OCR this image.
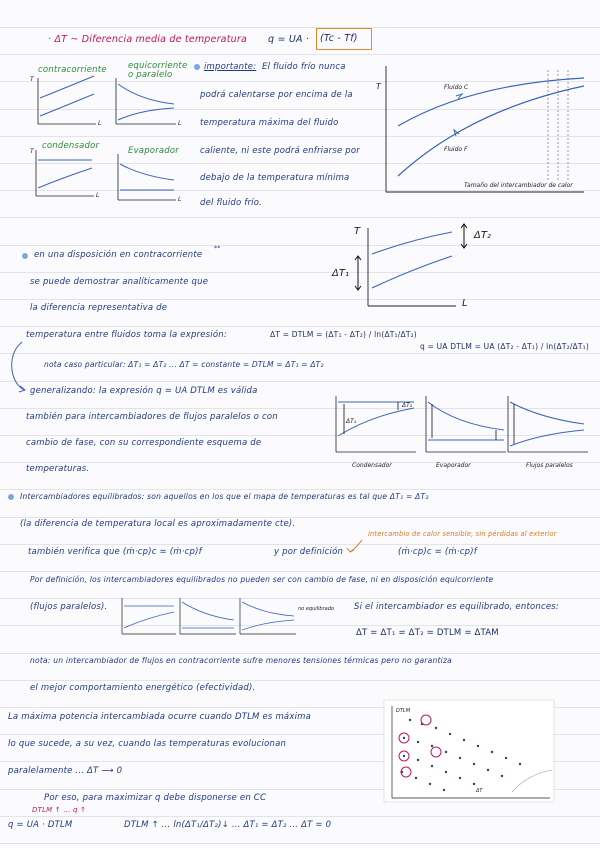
· ΔT ~ Diferencia media de temperatura q = UA · (Tc - Tf)
contracorriente	equicorriente o paralelo
condensador	Evaporador
T
L	L
T
L
L
importante: El fluido frío nunca
podrá calentarse por encima de la
temperatura máxima del fluido
caliente, ni este podrá enfriarse por
debajo de la temperatura mínima
del fluido frío.
T	Fluido C
Fluido F
Tamaño del intercambiador de calor
en una disposición en contracorriente
**
se puede demostrar analíticamente que
la diferencia representativa de
temperatura entre fluidos toma la expresión:	ΔT = DTLM = (ΔT₁ - ΔT₂) / ln(ΔT₁/ΔT₂)
q = UA DTLM = UA (ΔT₂ - ΔT₁) / ln(ΔT₂/ΔT₁)
nota caso particular: ΔT₁ = ΔT₂ ... ΔT = constante = DTLM = ΔT₁ = ΔT₂
T
ΔT₁
ΔT₂
L
generalizando: la expresión q = UA DTLM es válida
también para intercambiadores de flujos paralelos o con
cambio de fase, con su correspondiente esquema de
temperaturas.	Condensador	Evaporador	Flujos paralelos
ΔT₁
ΔT₂
Intercambiadores equilibrados: son aquellos en los que el mapa de temperaturas es tal que ΔT₁ = ΔT₂
(la diferencia de temperatura local es aproximadamente cte).
intercambio de calor sensible, sin pérdidas al exterior
también verifica que (ṁ·cp)c = (ṁ·cp)f	y por definición	(ṁ·cp)c = (ṁ·cp)f
Por definición, los intercambiadores equilibrados no pueden ser con cambio de fase, ni en disposición equicorriente
(flujos paralelos).	Si el intercambiador es equilibrado, entonces:
ΔT = ΔT₁ = ΔT₂ = DTLM = ΔTAM
no equilibrado
nota: un intercambiador de flujos en contracorriente sufre menores tensiones térmicas pero no garantiza
el mejor comportamiento energético (efectividad).
La máxima potencia intercambiada ocurre cuando DTLM es máxima
lo que sucede, a su vez, cuando las temperaturas evolucionan
paralelamente ... ΔT ⟶ 0
Por eso, para maximizar q debe disponerse en CC
DTLM ↑ ... q ↑
q = UA · DTLM	DTLM ↑ ... ln(ΔT₁/ΔT₂)↓ ... ΔT₁ = ΔT₂ ... ΔT = 0
DTLM
ΔT
